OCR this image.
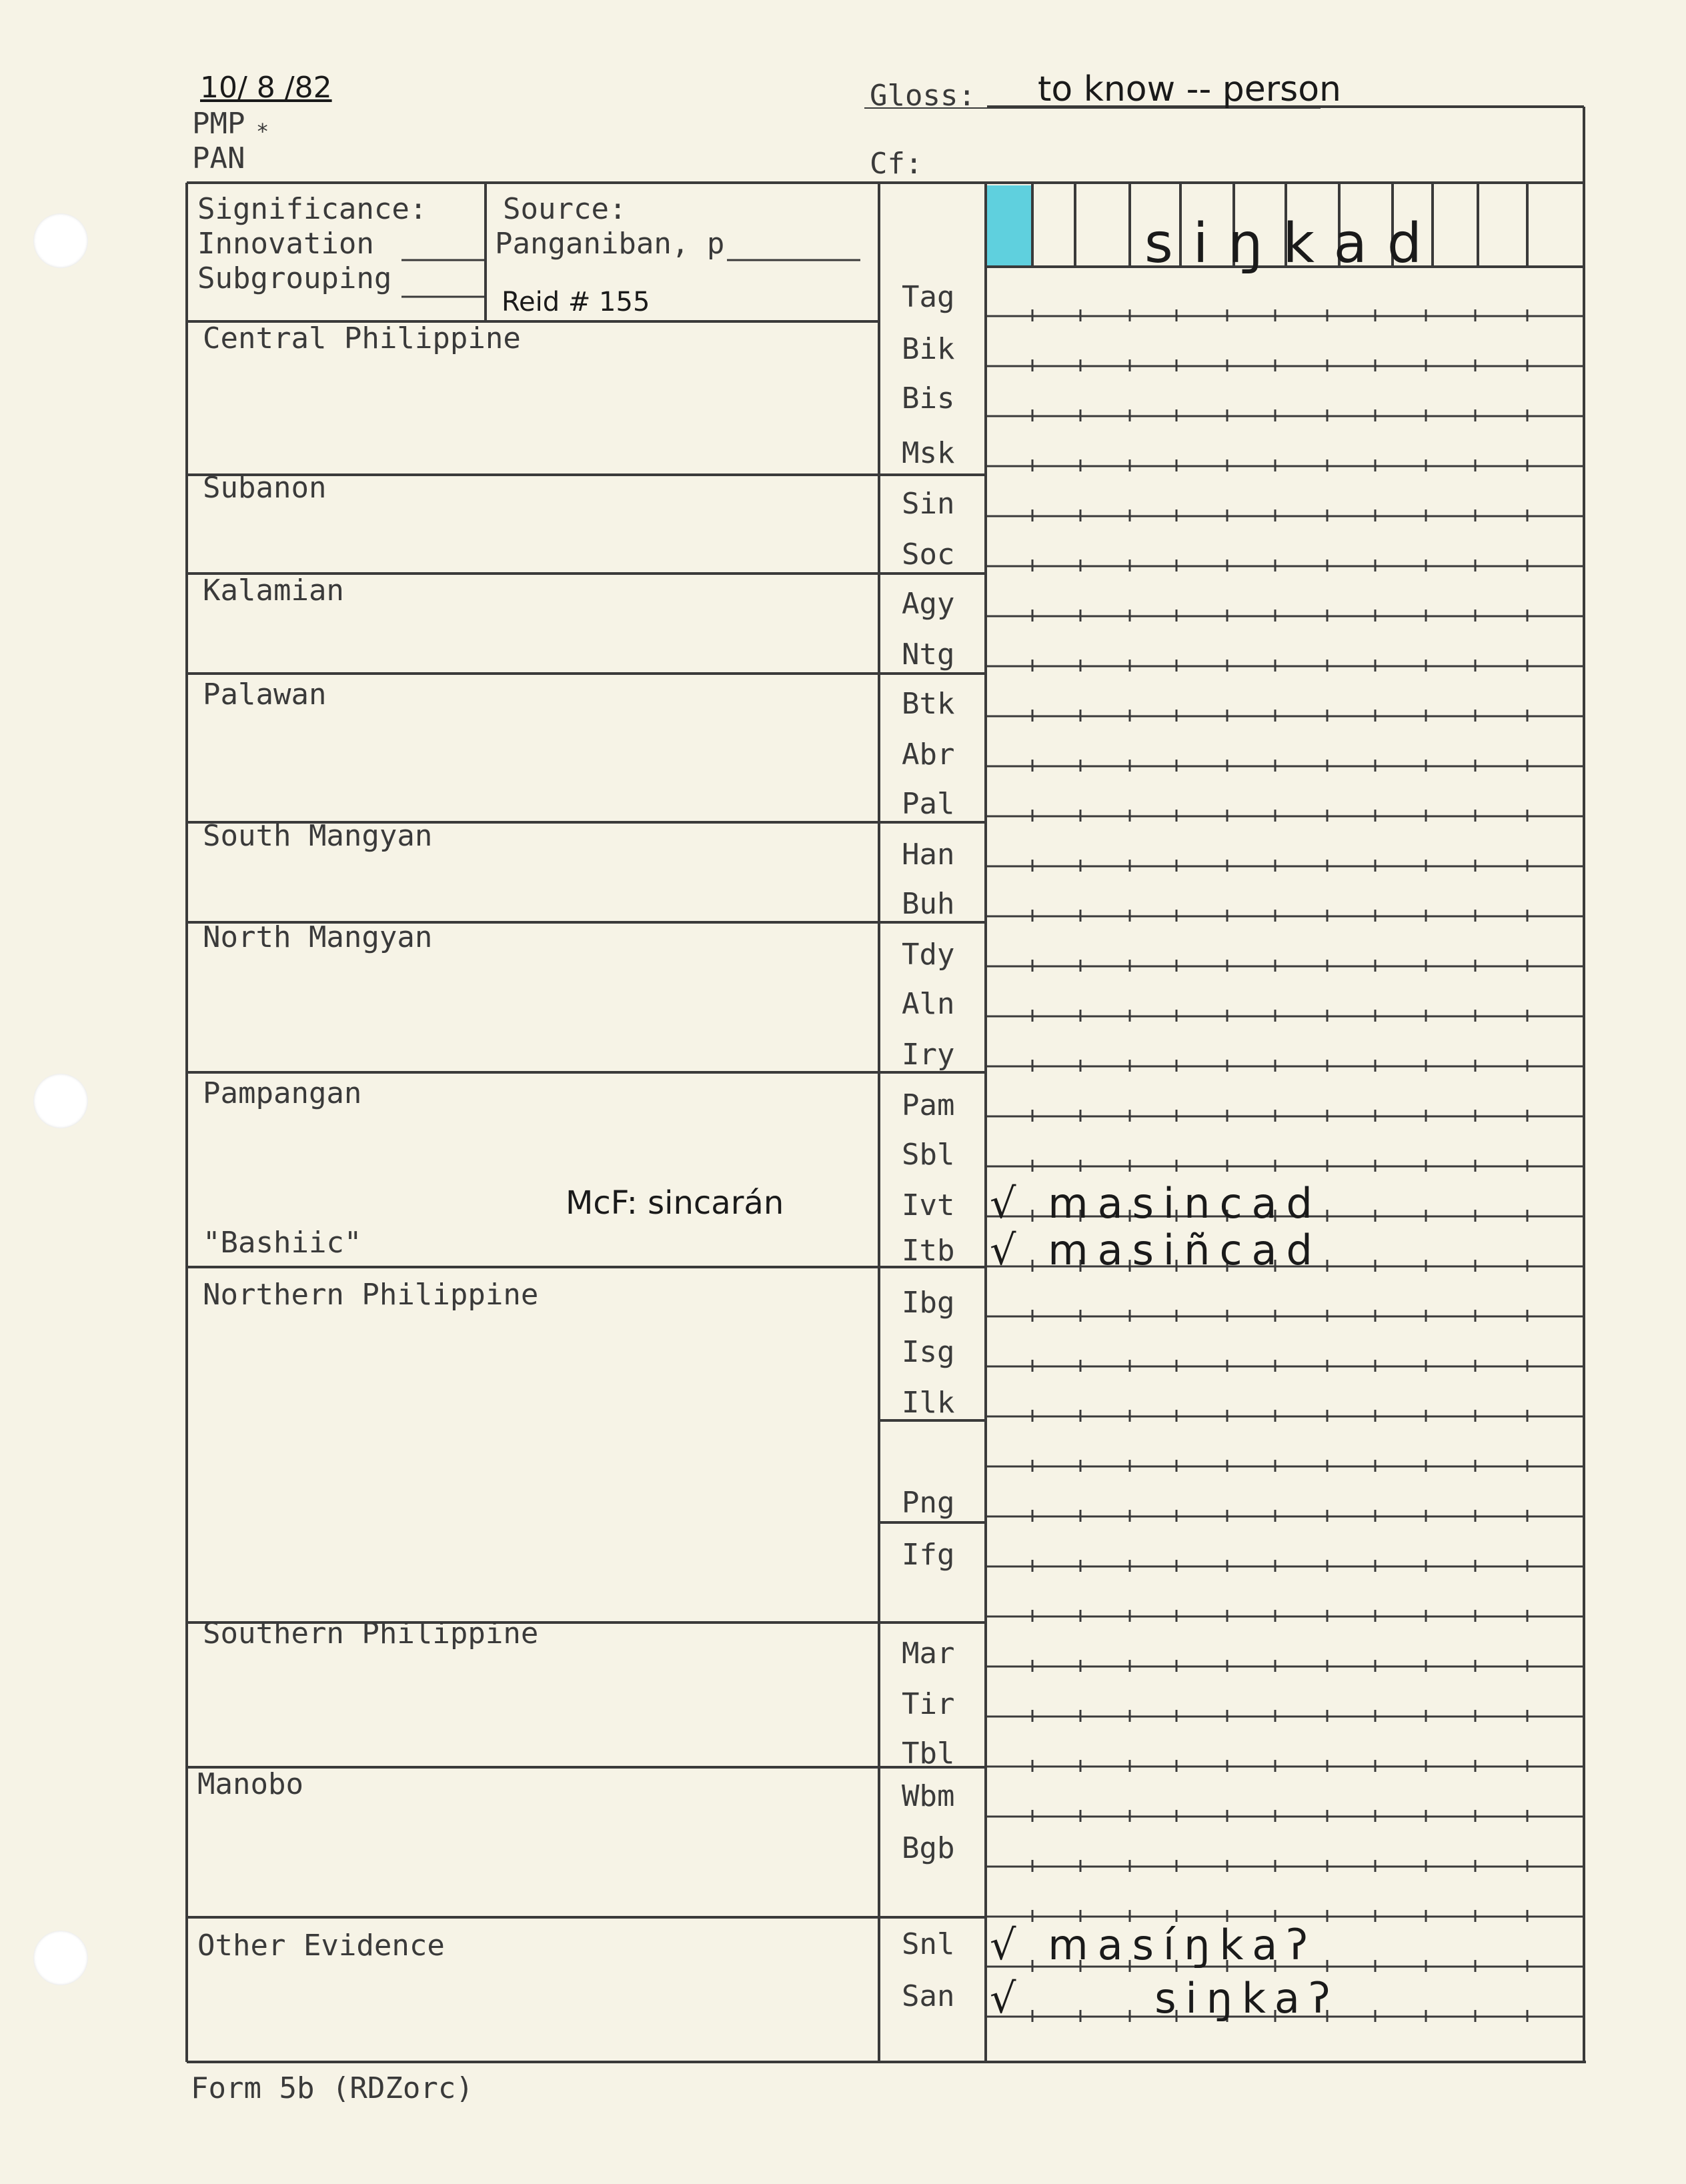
10/ 8 /82
PMP *
PAN
Gloss: to know -- person
Cf:
Significance:
Innovation
Subgrouping
Source:
Panganiban, p
Reid # 155
siŋkad
Central Philippine
Subanon
Kalamian
Palawan
South Mangyan
North Mangyan
Pampangan
"Bashiic"
Northern Philippine
Southern Philippine
Manobo
Other Evidence
McF: sincarán
Tag
Bik
Bis
Msk
Sin
Soc
Agy
Ntg
Btk
Abr
Pal
Han
Buh
Tdy
Aln
Iry
Pam
Sbl
Ivt
Itb
Ibg
Isg
Ilk
Png
Ifg
Mar
Tir
Tbl
Wbm
Bgb
Snl
San
√ masincad
√ masiñcad
√ masíŋkaʔ
√	siŋkaʔ
Form 5b (RDZorc)
